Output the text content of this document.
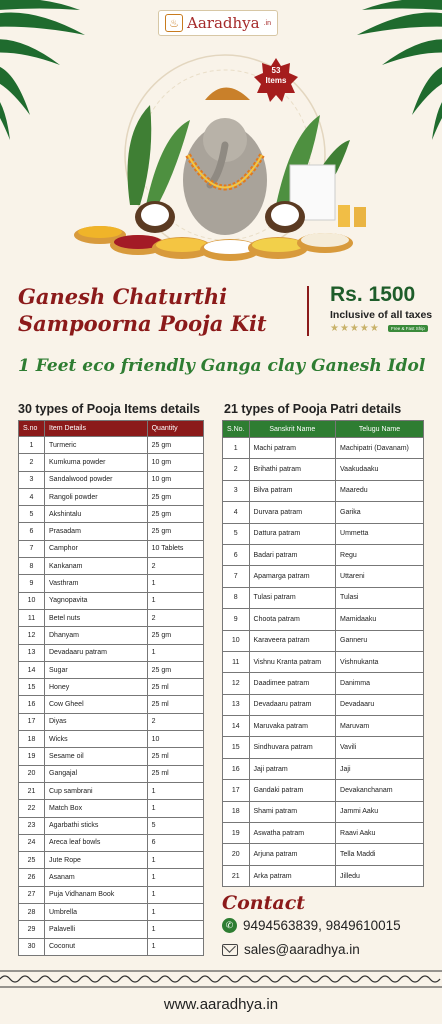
♨ Aaradhya .in
53
Items
Ganesh Chaturthi
Sampoorna Pooja Kit
Rs. 1500
Inclusive of all taxes
★★★★★	Free & Fast Ship
1 Feet eco friendly Ganga clay Ganesh Idol
30 types of Pooja Items details 21 types of Pooja Patri details
S.no	Item Details	Quantity
1	Turmeric	25 gm
2	Kumkuma powder	10 gm
3	Sandalwood powder	10 gm
4	Rangoli powder	25 gm
5	Akshintalu	25 gm
6	Prasadam	25 gm
7	Camphor	10 Tablets
8	Kankanam	2
9	Vasthram	1
10	Yagnopavita	1
11	Betel nuts	2
12	Dhanyam	25 gm
13	Devadaaru patram	1
14	Sugar	25 gm
15	Honey	25 ml
16	Cow Gheel	25 ml
17	Diyas	2
18	Wicks	10
19	Sesame oil	25 ml
20	Gangajal	25 ml
21	Cup sambrani	1
22	Match Box	1
23	Agarbathi sticks	5
24	Areca leaf bowls	6
25	Jute Rope	1
26	Asanam	1
27	Puja Vidhanam Book	1
28	Umbrella	1
29	Palavelli	1
30	Coconut	1
S.No.	Sanskrit Name	Telugu Name
1	Machi patram	Machipatri (Davanam)
2	Brihathi patram	Vaakudaaku
3	Bilva patram	Maaredu
4	Durvara patram	Garika
5	Dattura patram	Ummetta
6	Badari patram	Regu
7	Apamarga patram	Uttareni
8	Tulasi patram	Tulasi
9	Choota patram	Mamidaaku
10	Karaveera patram	Ganneru
11	Vishnu Kranta patram	Vishnukanta
12	Daadimee patram	Danimma
13	Devadaaru patram	Devadaaru
14	Maruvaka patram	Maruvam
15	Sindhuvara patram	Vavili
16	Jaji patram	Jaji
17	Gandaki patram	Devakanchanam
18	Shami patram	Jammi Aaku
19	Aswatha patram	Raavi Aaku
20	Arjuna patram	Tella Maddi
21	Arka patram	Jilledu
Contact
✆ 9494563839, 9849610015
sales@aaradhya.in
www.aaradhya.in
